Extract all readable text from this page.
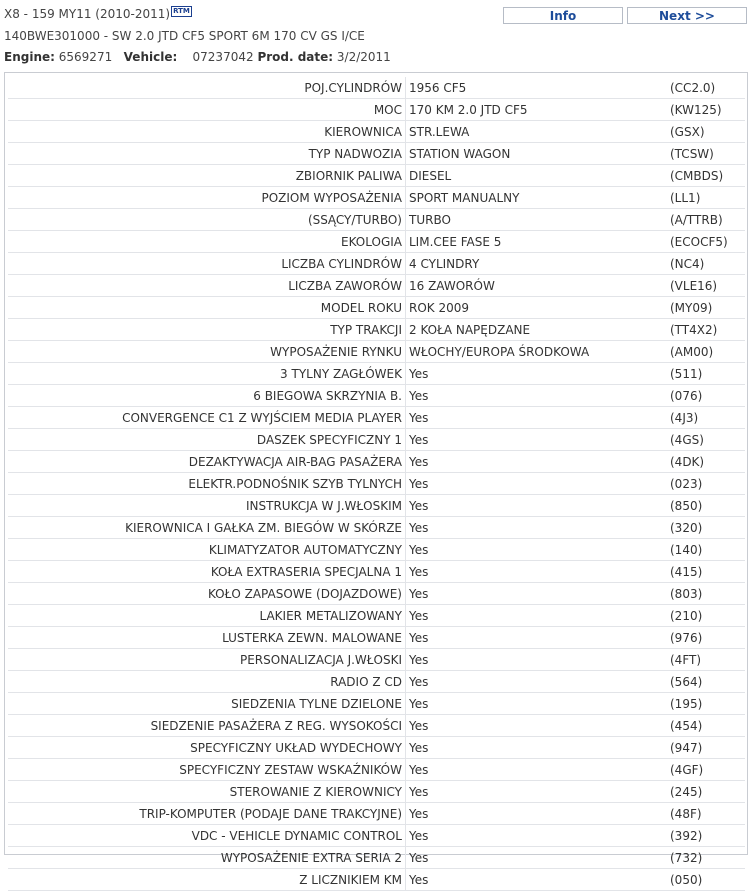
X8 - 159 MY11 (2010-2011) RTM
140BWE301000 - SW 2.0 JTD CF5 SPORT 6M 170 CV GS I/CE
Engine: 6569271 Vehicle: 07237042 Prod. date: 3/2/2011
Info	Next >>
POJ.CYLINDRÓW	1956 CF5	(CC2.0)
MOC	170 KM 2.0 JTD CF5	(KW125)
KIEROWNICA	STR.LEWA	(GSX)
TYP NADWOZIA	STATION WAGON	(TCSW)
ZBIORNIK PALIWA	DIESEL	(CMBDS)
POZIOM WYPOSAŻENIA	SPORT MANUALNY	(LL1)
(SSĄCY/TURBO)	TURBO	(A/TTRB)
EKOLOGIA	LIM.CEE FASE 5	(ECOCF5)
LICZBA CYLINDRÓW	4 CYLINDRY	(NC4)
LICZBA ZAWORÓW	16 ZAWORÓW	(VLE16)
MODEL ROKU	ROK 2009	(MY09)
TYP TRAKCJI	2 KOŁA NAPĘDZANE	(TT4X2)
WYPOSAŻENIE RYNKU	WŁOCHY/EUROPA ŚRODKOWA	(AM00)
3 TYLNY ZAGŁÓWEK	Yes	(511)
6 BIEGOWA SKRZYNIA B.	Yes	(076)
CONVERGENCE C1 Z WYJŚCIEM MEDIA PLAYER	Yes	(4J3)
DASZEK SPECYFICZNY 1	Yes	(4GS)
DEZAKTYWACJA AIR-BAG PASAŻERA	Yes	(4DK)
ELEKTR.PODNOŚNIK SZYB TYLNYCH	Yes	(023)
INSTRUKCJA W J.WŁOSKIM	Yes	(850)
KIEROWNICA I GAŁKA ZM. BIEGÓW W SKÓRZE	Yes	(320)
KLIMATYZATOR AUTOMATYCZNY	Yes	(140)
KOŁA EXTRASERIA SPECJALNA 1	Yes	(415)
KOŁO ZAPASOWE (DOJAZDOWE)	Yes	(803)
LAKIER METALIZOWANY	Yes	(210)
LUSTERKA ZEWN. MALOWANE	Yes	(976)
PERSONALIZACJA J.WŁOSKI	Yes	(4FT)
RADIO Z CD	Yes	(564)
SIEDZENIA TYLNE DZIELONE	Yes	(195)
SIEDZENIE PASAŻERA Z REG. WYSOKOŚCI	Yes	(454)
SPECYFICZNY UKŁAD WYDECHOWY	Yes	(947)
SPECYFICZNY ZESTAW WSKAŹNIKÓW	Yes	(4GF)
STEROWANIE Z KIEROWNICY	Yes	(245)
TRIP-KOMPUTER (PODAJE DANE TRAKCYJNE)	Yes	(48F)
VDC - VEHICLE DYNAMIC CONTROL	Yes	(392)
WYPOSAŻENIE EXTRA SERIA 2	Yes	(732)
Z LICZNIKIEM KM	Yes	(050)
